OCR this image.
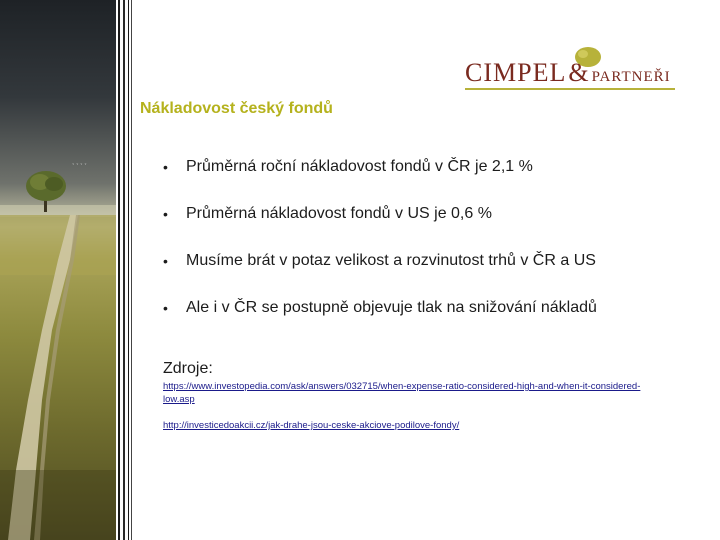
ˇ ˇ ˇ ˇ
CIMPEL& PARTNEŘI
Nákladovost český fondů
• Průměrná roční nákladovost fondů v ČR je 2,1 %
• Průměrná nákladovost fondů v US je 0,6 %
• Musíme brát v potaz velikost a rozvinutost trhů v ČR a US
• Ale i v ČR se postupně objevuje tlak na snižování nákladů
Zdroje:
https://www.investopedia.com/ask/answers/032715/when-expense-ratio-considered-high-and-when-it-considered-low.asp
http://investicedoakcii.cz/jak-drahe-jsou-ceske-akciove-podilove-fondy/
